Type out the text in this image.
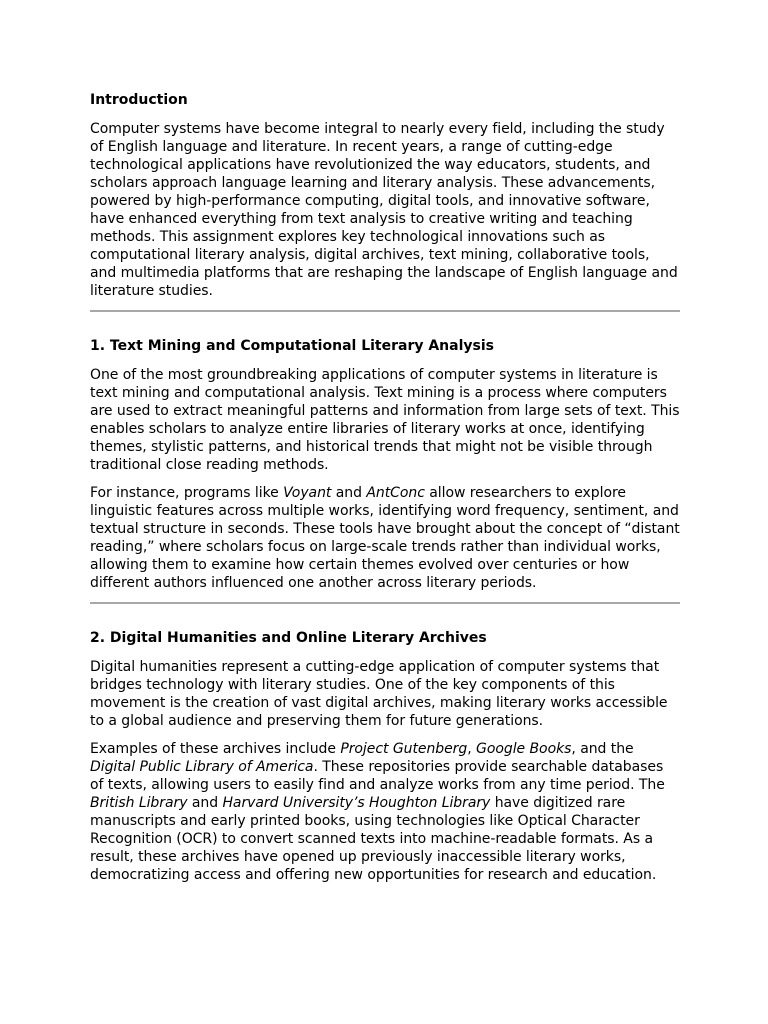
Introduction

Computer systems have become integral to nearly every field, including the study of English language and literature. In recent years, a range of cutting-edge technological applications have revolutionized the way educators, students, and scholars approach language learning and literary analysis. These advancements, powered by high-performance computing, digital tools, and innovative software, have enhanced everything from text analysis to creative writing and teaching methods. This assignment explores key technological innovations such as computational literary analysis, digital archives, text mining, collaborative tools, and multimedia platforms that are reshaping the landscape of English language and literature studies.

1. Text Mining and Computational Literary Analysis

One of the most groundbreaking applications of computer systems in literature is text mining and computational analysis. Text mining is a process where computers are used to extract meaningful patterns and information from large sets of text. This enables scholars to analyze entire libraries of literary works at once, identifying themes, stylistic patterns, and historical trends that might not be visible through traditional close reading methods.

For instance, programs like Voyant and AntConc allow researchers to explore linguistic features across multiple works, identifying word frequency, sentiment, and textual structure in seconds. These tools have brought about the concept of “distant reading,” where scholars focus on large-scale trends rather than individual works, allowing them to examine how certain themes evolved over centuries or how different authors influenced one another across literary periods.

2. Digital Humanities and Online Literary Archives

Digital humanities represent a cutting-edge application of computer systems that bridges technology with literary studies. One of the key components of this movement is the creation of vast digital archives, making literary works accessible to a global audience and preserving them for future generations.

Examples of these archives include Project Gutenberg, Google Books, and the Digital Public Library of America. These repositories provide searchable databases of texts, allowing users to easily find and analyze works from any time period. The British Library and Harvard University’s Houghton Library have digitized rare manuscripts and early printed books, using technologies like Optical Character Recognition (OCR) to convert scanned texts into machine-readable formats. As a result, these archives have opened up previously inaccessible literary works, democratizing access and offering new opportunities for research and education.
